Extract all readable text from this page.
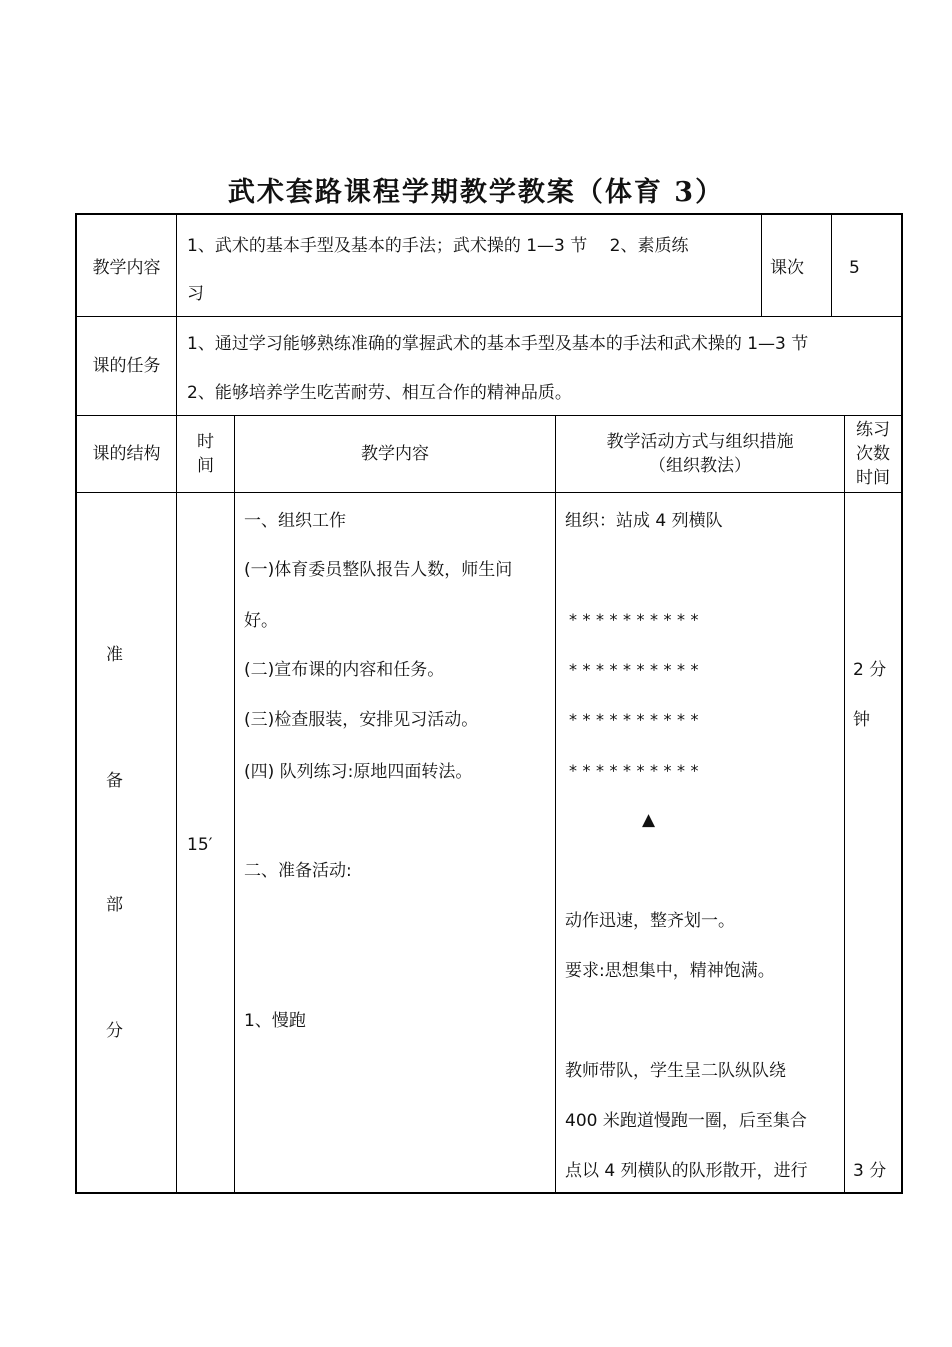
武术套路课程学期教学教案（体育 3）
教学内容
1、武术的基本手型及基本的手法；武术操的 1—3 节　 2、素质练
习
课次	5
课的任务
1、通过学习能够熟练准确的掌握武术的基本手型及基本的手法和武术操的 1—3 节
2、能够培养学生吃苦耐劳、相互合作的精神品质。
课的结构
时
间
教学内容
教学活动方式与组织措施
（组织教法）
练习
次数
时间
准
备
部
分
15′
一、组织工作
(一)体育委员整队报告人数，师生问
好。
(二)宣布课的内容和任务。
(三)检查服装，安排见习活动。
(四) 队列练习:原地四面转法。
二、准备活动:
1、慢跑
组织：站成 4 列横队
**********
**********
**********
**********
▲
动作迅速，整齐划一。
要求:思想集中，精神饱满。
教师带队，学生呈二队纵队绕
400 米跑道慢跑一圈，后至集合
点以 4 列横队的队形散开，进行
2 分
钟
3 分
